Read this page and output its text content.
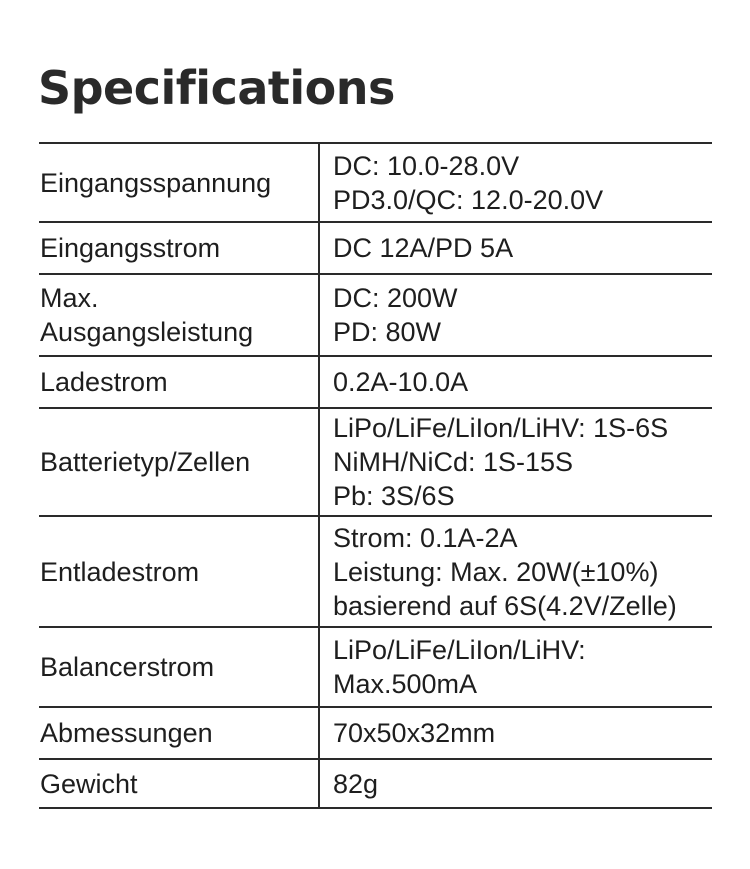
Specifications
Eingangsspannung	DC: 10.0-28.0V
PD3.0/QC: 12.0-20.0V

Eingangsstrom	DC 12A/PD 5A

Max.
Ausgangsleistung	DC: 200W
PD: 80W

Ladestrom	0.2A-10.0A

Batterietyp/Zellen	LiPo/LiFe/LiIon/LiHV: 1S-6S
NiMH/NiCd: 1S-15S
Pb: 3S/6S

Entladestrom	Strom: 0.1A-2A
Leistung: Max. 20W(±10%)
basierend auf 6S(4.2V/Zelle)

Balancerstrom	LiPo/LiFe/LiIon/LiHV:
Max.500mA

Abmessungen	70x50x32mm

Gewicht	82g
